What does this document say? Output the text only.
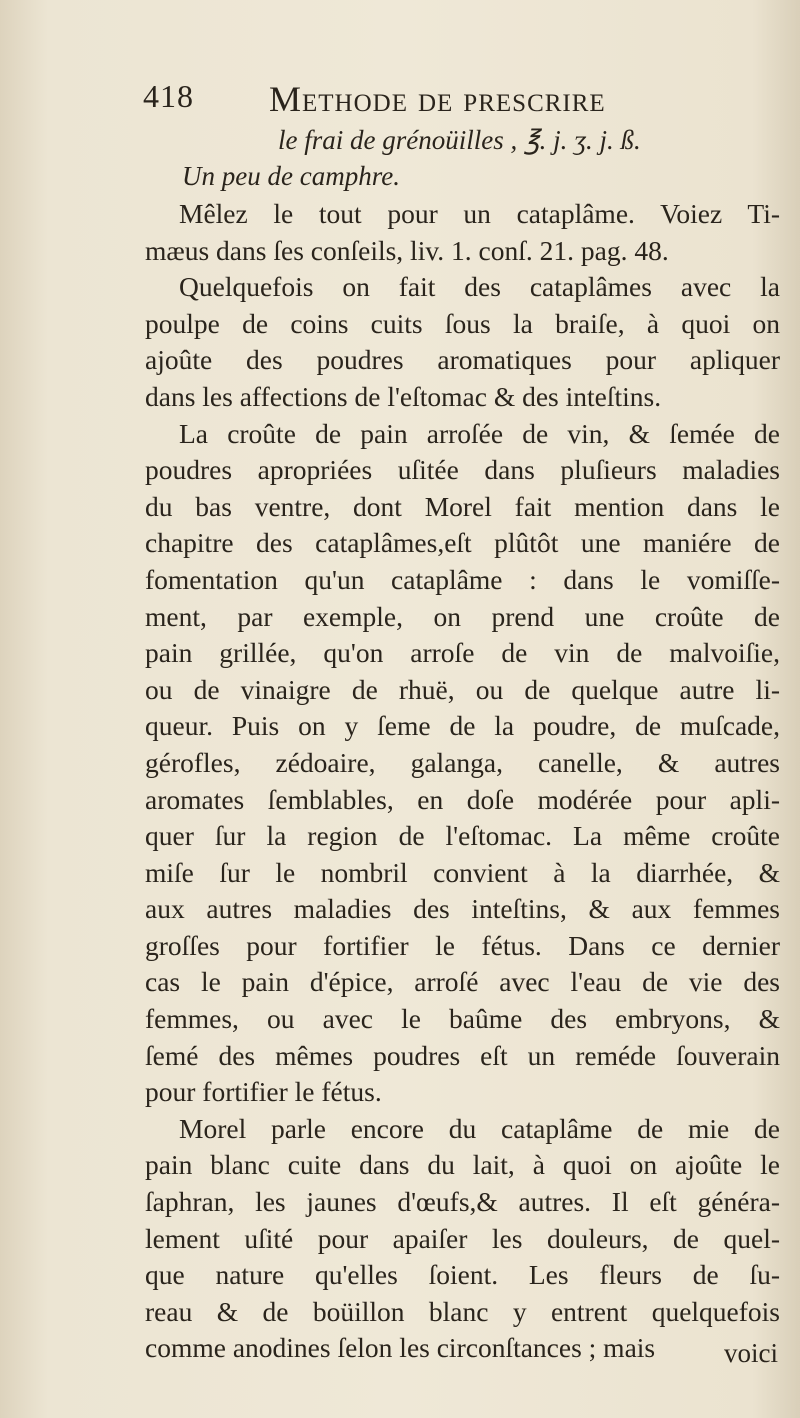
418 Methode de prescrire
le frai de grénoüilles , ℥. j. ʒ. j. ß.
Un peu de camphre.

Mêlez le tout pour un cataplâme. Voiez Ti-
mæus dans ſes conſeils, liv. 1. conſ. 21. pag. 48.

Quelquefois on fait des cataplâmes avec la
poulpe de coins cuits ſous la braiſe, à quoi on
ajoûte des poudres aromatiques pour apliquer
dans les affections de l'eſtomac & des inteſtins.

La croûte de pain arroſée de vin, & ſemée de
poudres apropriées uſitée dans pluſieurs maladies
du bas ventre, dont Morel fait mention dans le
chapitre des cataplâmes,eſt plûtôt une maniére de
fomentation qu'un cataplâme : dans le vomiſſe-
ment, par exemple, on prend une croûte de
pain grillée, qu'on arroſe de vin de malvoiſie,
ou de vinaigre de rhuë, ou de quelque autre li-
queur. Puis on y ſeme de la poudre, de muſcade,
gérofles, zédoaire, galanga, canelle, & autres
aromates ſemblables, en doſe modérée pour apli-
quer ſur la region de l'eſtomac. La même croûte
miſe ſur le nombril convient à la diarrhée, &
aux autres maladies des inteſtins, & aux femmes
groſſes pour fortifier le fétus. Dans ce dernier
cas le pain d'épice, arroſé avec l'eau de vie des
femmes, ou avec le baûme des embryons, &
ſemé des mêmes poudres eſt un reméde ſouverain
pour fortifier le fétus.

Morel parle encore du cataplâme de mie de
pain blanc cuite dans du lait, à quoi on ajoûte le
ſaphran, les jaunes d'œufs,& autres. Il eſt généra-
lement uſité pour apaiſer les douleurs, de quel-
que nature qu'elles ſoient. Les fleurs de ſu-
reau & de boüillon blanc y entrent quelquefois
comme anodines ſelon les circonſtances ; mais	voici
